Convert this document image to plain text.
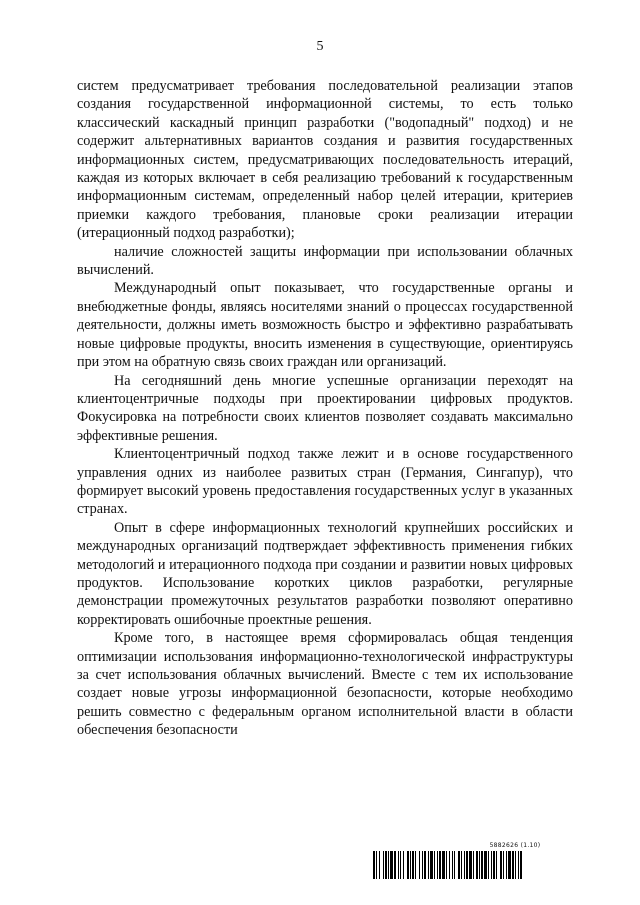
5

систем предусматривает требования последовательной реализации этапов создания государственной информационной системы, то есть только классический каскадный принцип разработки ("водопадный" подход) и не содержит альтернативных вариантов создания и развития государственных информационных систем, предусматривающих последовательность итераций, каждая из которых включает в себя реализацию требований к государственным информационным системам, определенный набор целей итерации, критериев приемки каждого требования, плановые сроки реализации итерации (итерационный подход разработки);

наличие сложностей защиты информации при использовании облачных вычислений.

Международный опыт показывает, что государственные органы и внебюджетные фонды, являясь носителями знаний о процессах государственной деятельности, должны иметь возможность быстро и эффективно разрабатывать новые цифровые продукты, вносить изменения в существующие, ориентируясь при этом на обратную связь своих граждан или организаций.

На сегодняшний день многие успешные организации переходят на клиентоцентричные подходы при проектировании цифровых продуктов. Фокусировка на потребности своих клиентов позволяет создавать максимально эффективные решения.

Клиентоцентричный подход также лежит и в основе государственного управления одних из наиболее развитых стран (Германия, Сингапур), что формирует высокий уровень предоставления государственных услуг в указанных странах.

Опыт в сфере информационных технологий крупнейших российских и международных организаций подтверждает эффективность применения гибких методологий и итерационного подхода при создании и развитии новых цифровых продуктов. Использование коротких циклов разработки, регулярные демонстрации промежуточных результатов разработки позволяют оперативно корректировать ошибочные проектные решения.

Кроме того, в настоящее время сформировалась общая тенденция оптимизации использования информационно-технологической инфраструктуры за счет использования облачных вычислений. Вместе с тем их использование создает новые угрозы информационной безопасности, которые необходимо решить совместно с федеральным органом исполнительной власти в области обеспечения безопасности

5882626 (1.10)
